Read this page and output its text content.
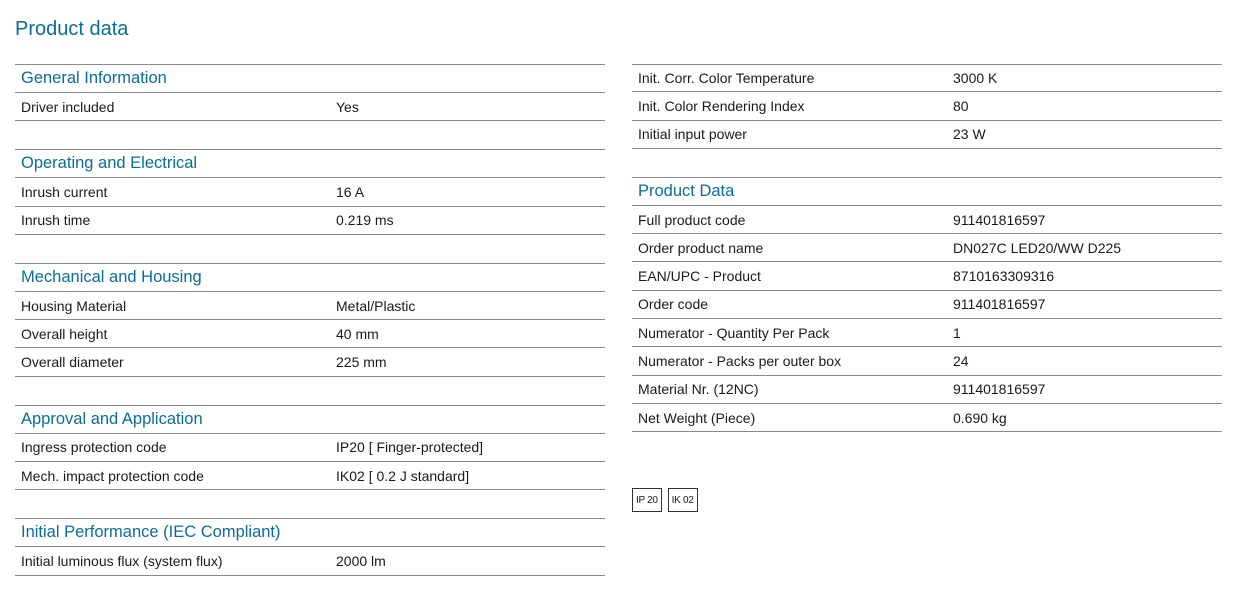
Product data
General Information
Driver included	Yes
Operating and Electrical
Inrush current	16 A
Inrush time	0.219 ms
Mechanical and Housing
Housing Material	Metal/Plastic
Overall height	40 mm
Overall diameter	225 mm
Approval and Application
Ingress protection code	IP20 [ Finger-protected]
Mech. impact protection code	IK02 [ 0.2 J standard]
Initial Performance (IEC Compliant)
Initial luminous flux (system flux)	2000 lm
Init. Corr. Color Temperature	3000 K
Init. Color Rendering Index	80
Initial input power	23 W
Product Data
Full product code	911401816597
Order product name	DN027C LED20/WW D225
EAN/UPC - Product	8710163309316
Order code	911401816597
Numerator - Quantity Per Pack	1
Numerator - Packs per outer box	24
Material Nr. (12NC)	911401816597
Net Weight (Piece)	0.690 kg
IP 20	IK 02
